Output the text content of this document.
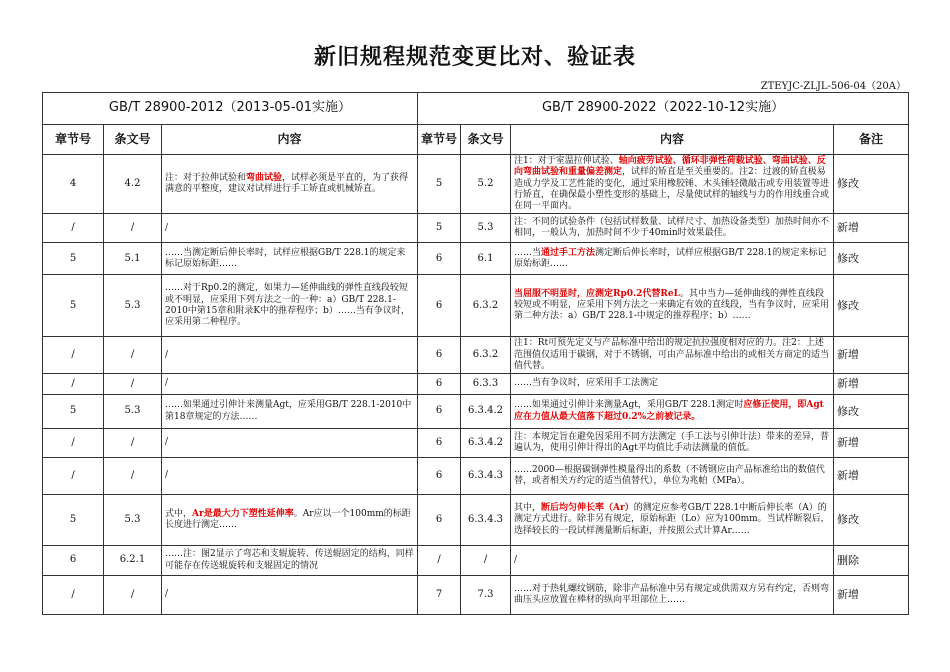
新旧规程规范变更比对、验证表
ZTEYJC-ZLJL-506-04（20A）
GB/T 28900-2012（2013-05-01实施）			GB/T 28900-2022（2022-10-12实施）			
章节号	条文号	内容	章节号	条文号	内容	备注
4	4.2	注：对于拉伸试验和弯曲试验，试样必须是平直的，为了获得满意的平整度，建议对试样进行手工矫直或机械矫直。	5	5.2	注1：对于室温拉伸试验、轴向疲劳试验、循环非弹性荷载试验、弯曲试验、反向弯曲试验和重量偏差测定，试样的矫直是至关重要的。注2：过渡的矫直极易造成力学及工艺性能的变化，通过采用橡胶锤、木头锤轻微敲击或专用装置等进行矫直，在确保最小塑性变形的基础上，尽量使试样的轴线与力的作用线重合或在同一平面内。	修改
/	/	/	5	5.3	注：不同的试验条件（包括试样数量、试样尺寸、加热设备类型）加热时间亦不相同，一般认为，加热时间不少于40min时效果最佳。	新增
5	5.1	……当测定断后伸长率时，试样应根据GB/T 228.1的规定来标记原始标距……	6	6.1	……当通过手工方法测定断后伸长率时，试样应根据GB/T 228.1的规定来标记原始标距……	修改
5	5.3	……对于Rp0.2的测定，如果力—延伸曲线的弹性直线段较短或不明显，应采用下列方法之一的一种：a）GB/T 228.1-2010中第15章和附录K中的推荐程序；b）……当有争议时，应采用第二种程序。	6	6.3.2	当屈服不明显时，应测定Rp0.2代替ReL。其中当力—延伸曲线的弹性直线段较短或不明显，应采用下列方法之一来确定有效的直线段，当有争议时，应采用第二种方法：a）GB/T 228.1-中规定的推荐程序；b）……	修改
/	/	/	6	6.3.2	注1：Rt可预先定义与产品标准中给出的规定抗拉强度相对应的力。注2：上述范围值仅适用于碳钢，对于不锈钢，可由产品标准中给出的或相关方商定的适当值代替。	新增
/	/	/	6	6.3.3	……当有争议时，应采用手工法测定	新增
5	5.3	……如果通过引伸计来测量Agt，应采用GB/T 228.1-2010中第18章规定的方法……	6	6.3.4.2	……如果通过引伸计来测量Agt，采用GB/T 228.1测定时应修正使用，即Agt应在力值从最大值落下超过0.2%之前被记录。	修改
/	/	/	6	6.3.4.2	注：本规定旨在避免因采用不同方法测定（手工法与引伸计法）带来的差异，普遍认为，使用引伸计得出的Agt平均值比手动法测量的值低。	新增
/	/	/	6	6.3.4.3	……2000—根据碳钢弹性模量得出的系数（不锈钢应由产品标准给出的数值代替，或者相关方约定的适当值替代），单位为兆帕（MPa）。	新增
5	5.3	式中，Ar是最大力下塑性延伸率。Ar应以一个100mm的标距长度进行测定……	6	6.3.4.3	其中，断后均匀伸长率（Ar）的测定应参考GB/T 228.1中断后伸长率（A）的测定方式进行。除非另有规定，原始标距（Lo）应为100mm。当试样断裂后，选择较长的一段试样测量断后标距，并按照公式计算Ar……	修改
6	6.2.1	……注：图2显示了弯芯和支辊旋转、传送辊固定的结构，同样可能存在传送辊旋转和支辊固定的情况	/	/	/	删除
/	/	/	7	7.3	……对于热轧螺纹钢筋，除非产品标准中另有规定或供需双方另有约定，否则弯曲压头应放置在棒材的纵向平坦部位上……	新增
